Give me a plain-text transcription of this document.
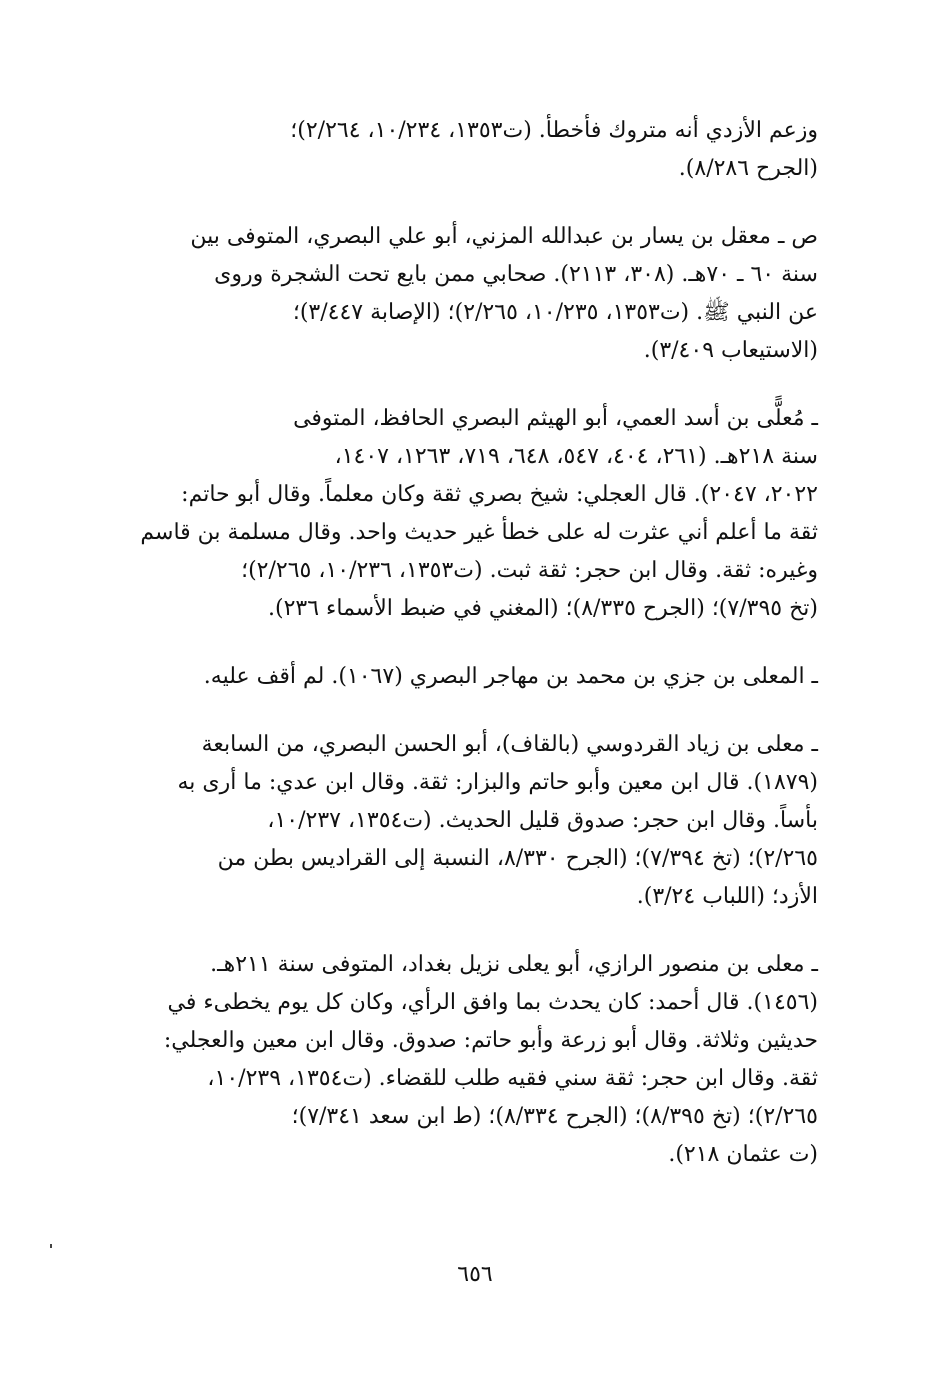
وزعم الأزدي أنه متروك فأخطأ. (ت١٣٥٣، ١٠/٢٣٤، ٢/٢٦٤)؛
(الجرح ٨/٢٨٦).

ص ـ معقل بن يسار بن عبدالله المزني، أبو علي البصري، المتوفى بين
سنة ٦٠ ـ ٧٠هـ. (٣٠٨، ٢١١٣). صحابي ممن بايع تحت الشجرة وروى
عن النبي ﷺ. (ت١٣٥٣، ١٠/٢٣٥، ٢/٢٦٥)؛ (الإصابة ٣/٤٤٧)؛
(الاستيعاب ٣/٤٠٩).

ـ مُعلًّى بن أسد العمي، أبو الهيثم البصري الحافظ، المتوفى
سنة ٢١٨هـ. (٢٦١، ٤٠٤، ٥٤٧، ٦٤٨، ٧١٩، ١٢٦٣، ١٤٠٧،
٢٠٢٢، ٢٠٤٧). قال العجلي: شيخ بصري ثقة وكان معلماً. وقال أبو حاتم:
ثقة ما أعلم أني عثرت له على خطأ غير حديث واحد. وقال مسلمة بن قاسم
وغيره: ثقة. وقال ابن حجر: ثقة ثبت. (ت١٣٥٣، ١٠/٢٣٦، ٢/٢٦٥)؛
(تخ ٧/٣٩٥)؛ (الجرح ٨/٣٣٥)؛ (المغني في ضبط الأسماء ٢٣٦).

ـ المعلى بن جزي بن محمد بن مهاجر البصري (١٠٦٧). لم أقف عليه.

ـ معلى بن زياد القردوسي (بالقاف)، أبو الحسن البصري، من السابعة
(١٨٧٩). قال ابن معين وأبو حاتم والبزار: ثقة. وقال ابن عدي: ما أرى به
بأساً. وقال ابن حجر: صدوق قليل الحديث. (ت١٣٥٤، ١٠/٢٣٧،
٢/٢٦٥)؛ (تخ ٧/٣٩٤)؛ (الجرح ٨/٣٣٠، النسبة إلى القراديس بطن من
الأزد؛ (اللباب ٣/٢٤).

ـ معلى بن منصور الرازي، أبو يعلى نزيل بغداد، المتوفى سنة ٢١١هـ.
(١٤٥٦). قال أحمد: كان يحدث بما وافق الرأي، وكان كل يوم يخطىء في
حديثين وثلاثة. وقال أبو زرعة وأبو حاتم: صدوق. وقال ابن معين والعجلي:
ثقة. وقال ابن حجر: ثقة سني فقيه طلب للقضاء. (ت١٣٥٤، ١٠/٢٣٩،
٢/٢٦٥)؛ (تخ ٨/٣٩٥)؛ (الجرح ٨/٣٣٤)؛ (ط ابن سعد ٧/٣٤١)؛
(ت عثمان ٢١٨).

٦٥٦
